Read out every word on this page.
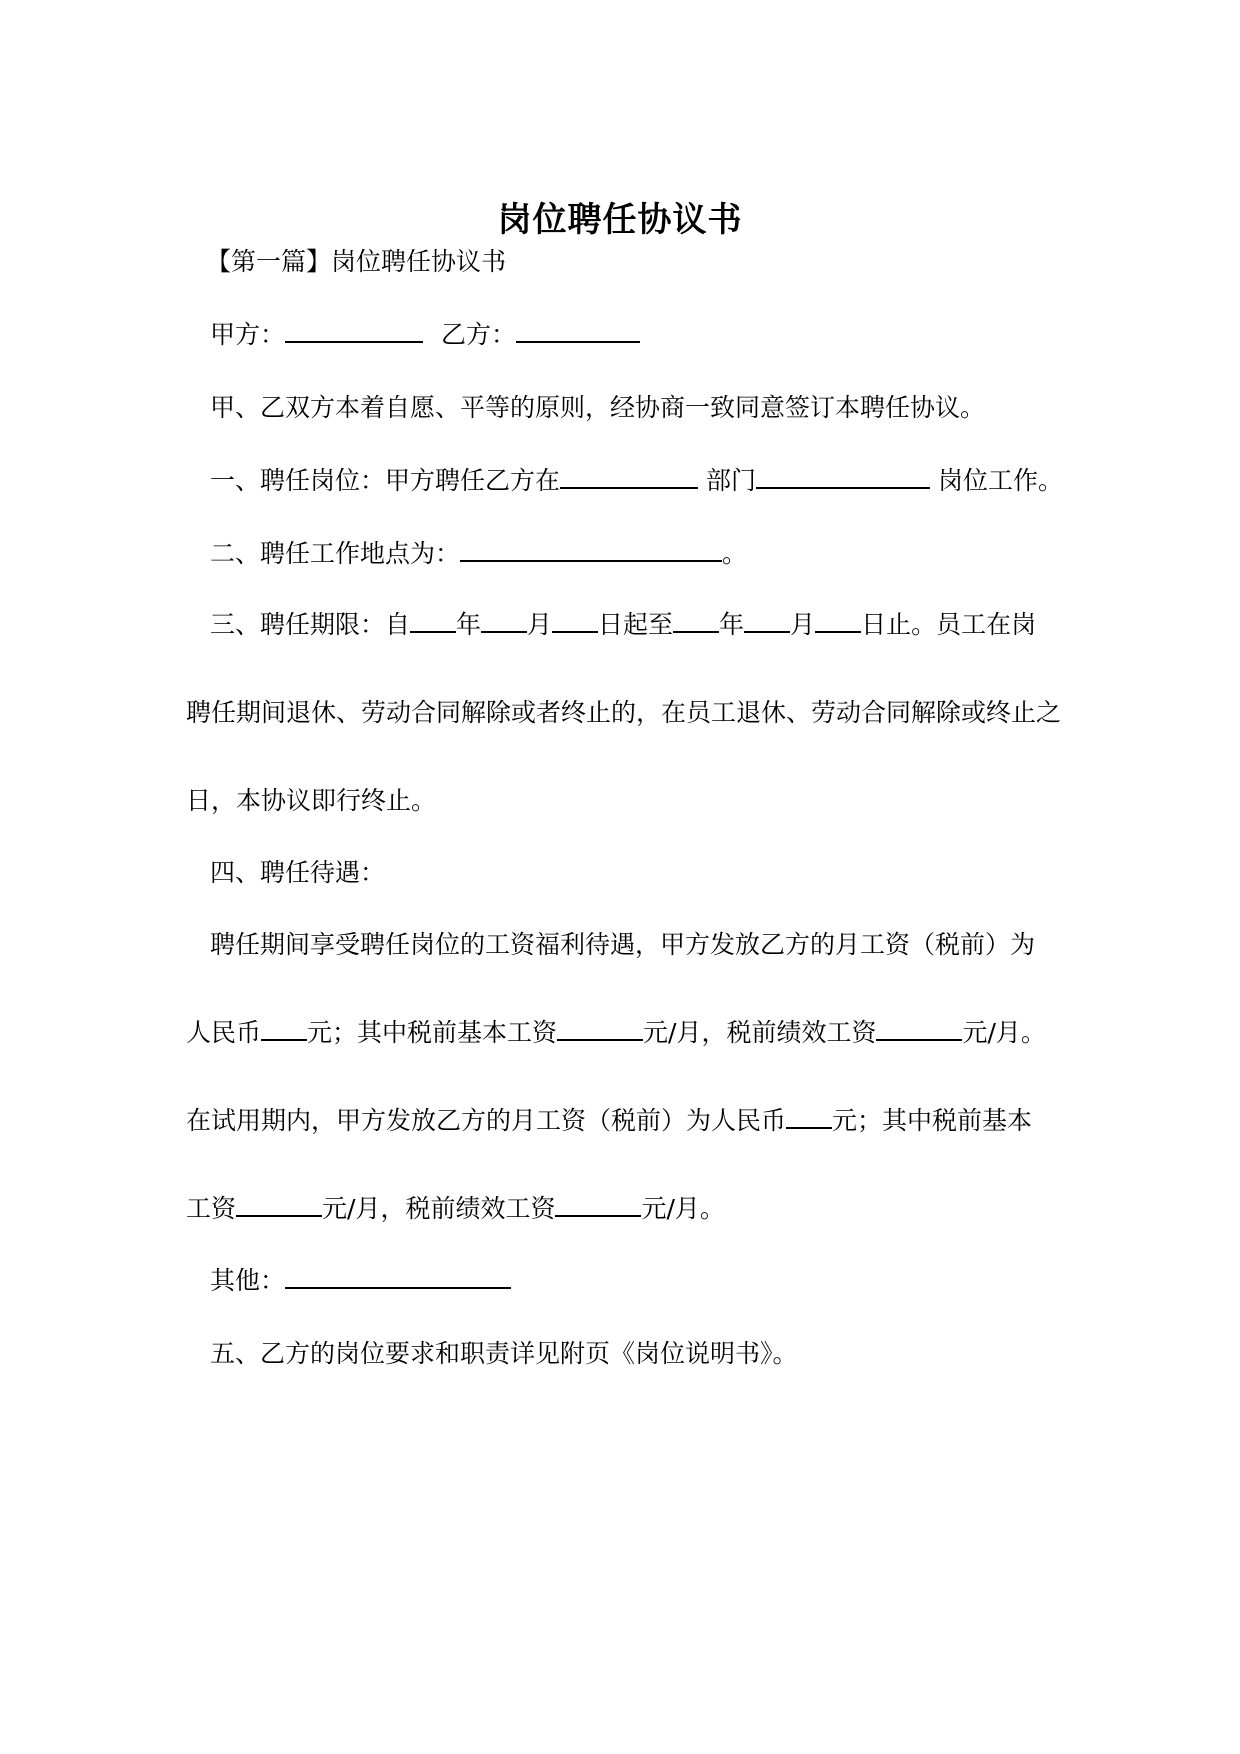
岗位聘任协议书
【第一篇】岗位聘任协议书
甲方：	乙方：
甲、乙双方本着自愿、平等的原则，经协商一致同意签订本聘任协议。
一、聘任岗位：甲方聘任乙方在	部门	岗位工作。
二、聘任工作地点为：	。
三、聘任期限：自 年 月 日起至 年 月 日止。员工在岗
聘任期间退休、劳动合同解除或者终止的，在员工退休、劳动合同解除或终止之
日，本协议即行终止。
四、聘任待遇：
聘任期间享受聘任岗位的工资福利待遇，甲方发放乙方的月工资（税前）为
人民币 元；其中税前基本工资	元/月，税前绩效工资	元/月。
在试用期内，甲方发放乙方的月工资（税前）为人民币 元；其中税前基本
工资	元/月，税前绩效工资	元/月。
其他：
五、乙方的岗位要求和职责详见附页《岗位说明书》。
